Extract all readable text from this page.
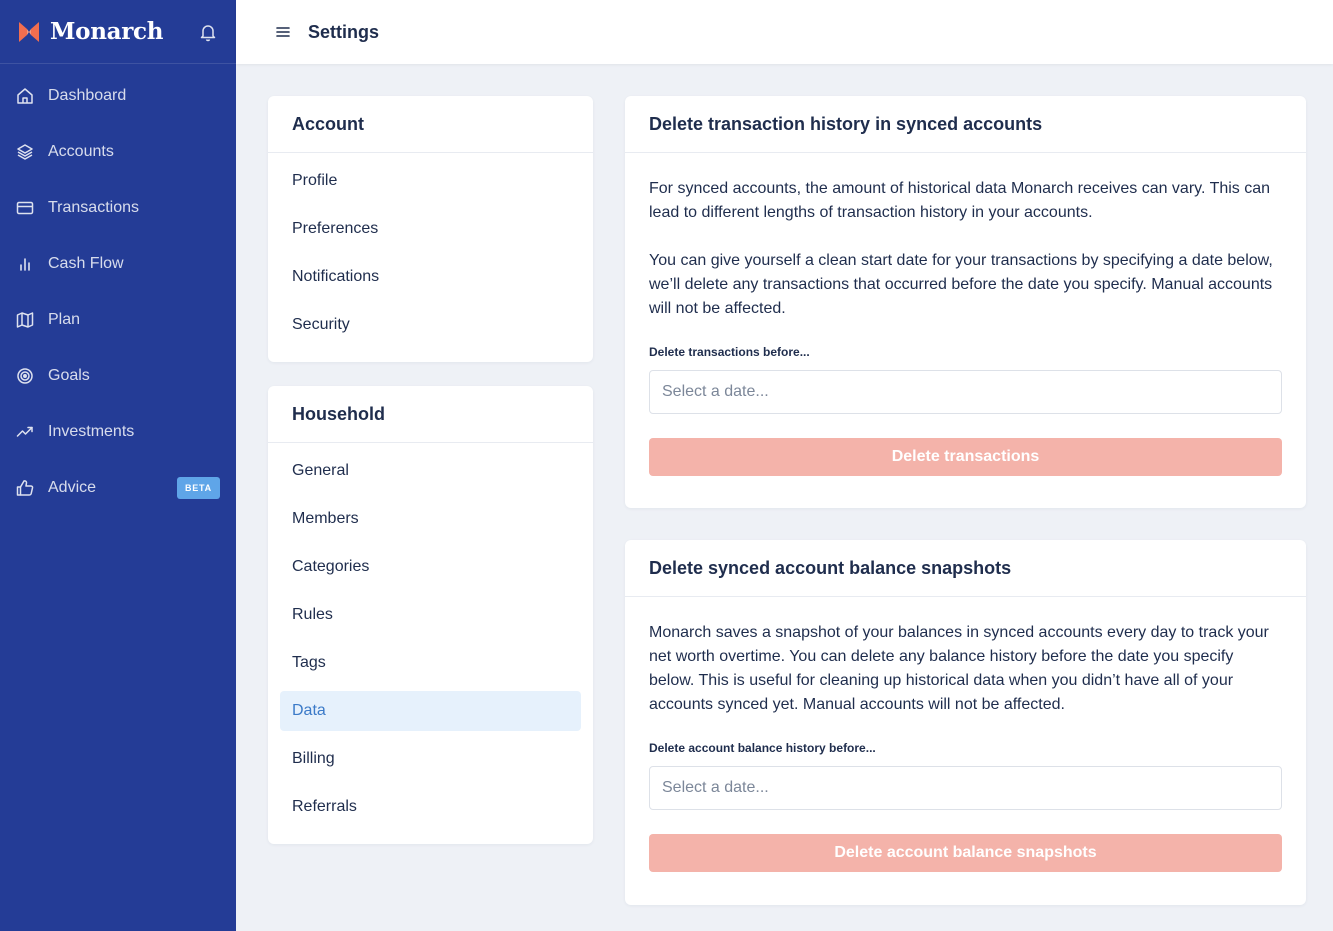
Monarch
Dashboard
Accounts
Transactions
Cash Flow
Plan
Goals
Investments
Advice	BETA
Settings
Account
Profile
Preferences
Notifications
Security
Household
General
Members
Categories
Rules
Tags
Data
Billing
Referrals
Delete transaction history in synced accounts

For synced accounts, the amount of historical data Monarch receives can vary. This can lead to different lengths of transaction history in your accounts.

You can give yourself a clean start date for your transactions by specifying a date below, we’ll delete any transactions that occurred before the date you specify. Manual accounts will not be affected.

Delete transactions before...
Select a date...
Delete transactions
Delete synced account balance snapshots

Monarch saves a snapshot of your balances in synced accounts every day to track your net worth overtime. You can delete any balance history before the date you specify below. This is useful for cleaning up historical data when you didn’t have all of your accounts synced yet. Manual accounts will not be affected.

Delete account balance history before...
Select a date...
Delete account balance snapshots
